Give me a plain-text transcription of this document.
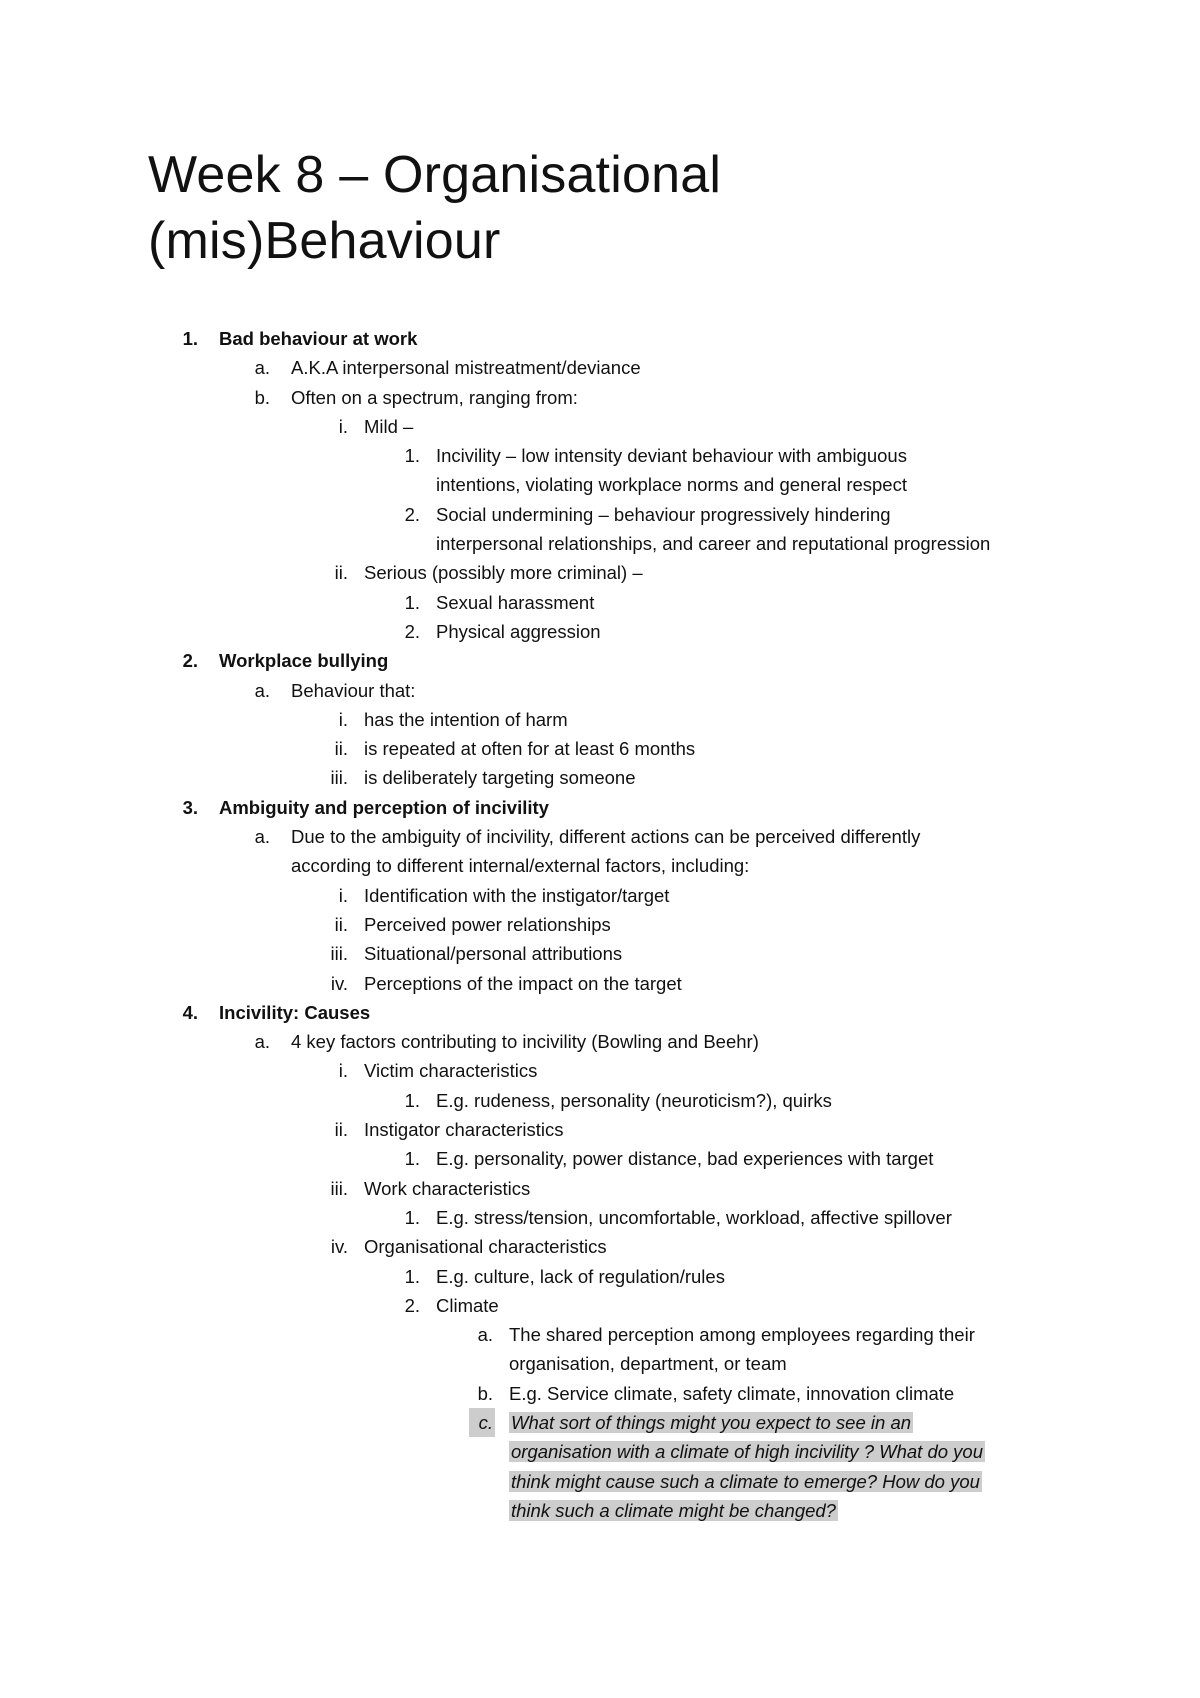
Week 8 – Organisational
(mis)Behaviour
1. Bad behaviour at work
a. A.K.A interpersonal mistreatment/deviance
b. Often on a spectrum, ranging from:
i. Mild –
1. Incivility – low intensity deviant behaviour with ambiguous
intentions, violating workplace norms and general respect
2. Social undermining – behaviour progressively hindering
interpersonal relationships, and career and reputational progression
ii. Serious (possibly more criminal) –
1. Sexual harassment
2. Physical aggression
2. Workplace bullying
a. Behaviour that:
i. has the intention of harm
ii. is repeated at often for at least 6 months
iii. is deliberately targeting someone
3. Ambiguity and perception of incivility
a. Due to the ambiguity of incivility, different actions can be perceived differently
according to different internal/external factors, including:
i. Identification with the instigator/target
ii. Perceived power relationships
iii. Situational/personal attributions
iv. Perceptions of the impact on the target
4. Incivility: Causes
a. 4 key factors contributing to incivility (Bowling and Beehr)
i. Victim characteristics
1. E.g. rudeness, personality (neuroticism?), quirks
ii. Instigator characteristics
1. E.g. personality, power distance, bad experiences with target
iii. Work characteristics
1. E.g. stress/tension, uncomfortable, workload, affective spillover
iv. Organisational characteristics
1. E.g. culture, lack of regulation/rules
2. Climate
a. The shared perception among employees regarding their
organisation, department, or team
b. E.g. Service climate, safety climate, innovation climate
c. What sort of things might you expect to see in an
organisation with a climate of high incivility ? What do you
think might cause such a climate to emerge? How do you
think such a climate might be changed?
